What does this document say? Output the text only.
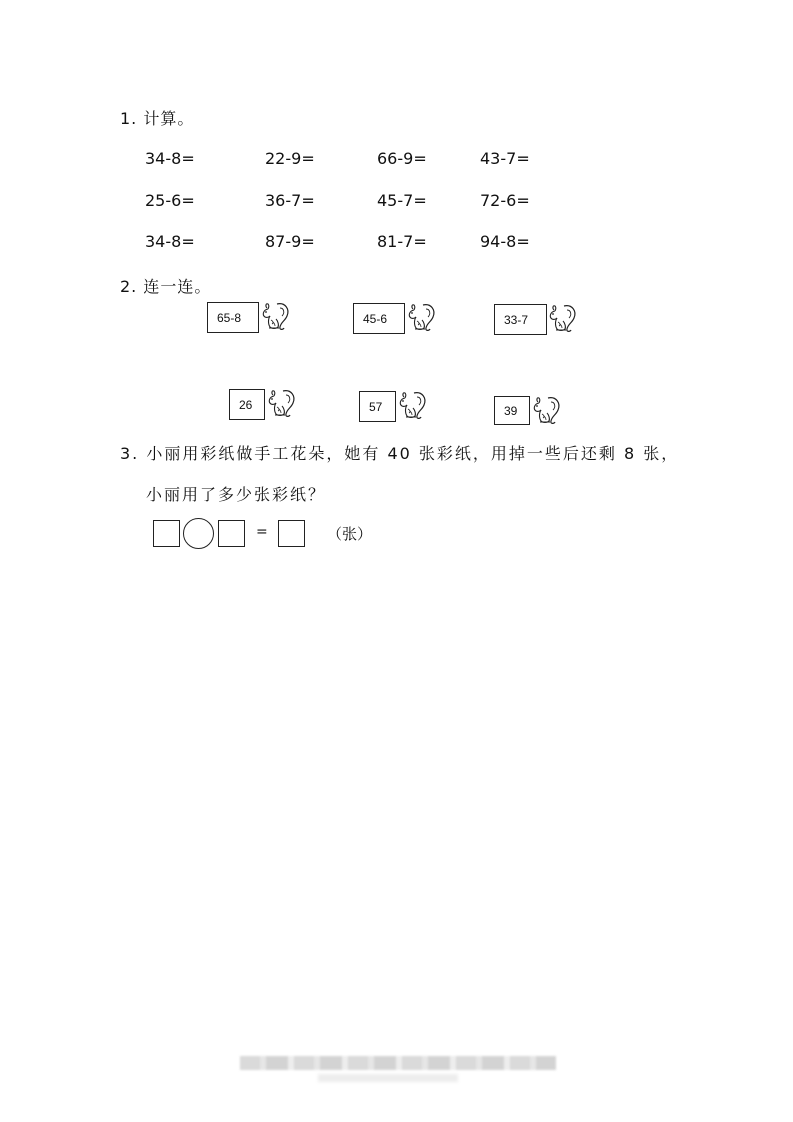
1. 计算。
34-8=	22-9=	66-9=	43-7=
25-6=	36-7=	45-7=	72-6=
34-8=	87-9=	81-7=	94-8=
2. 连一连。
65-8	45-6	33-7
26	57	39
3. 小丽用彩纸做手工花朵，她有 40 张彩纸，用掉一些后还剩 8 张，
小丽用了多少张彩纸？
=	（张）
